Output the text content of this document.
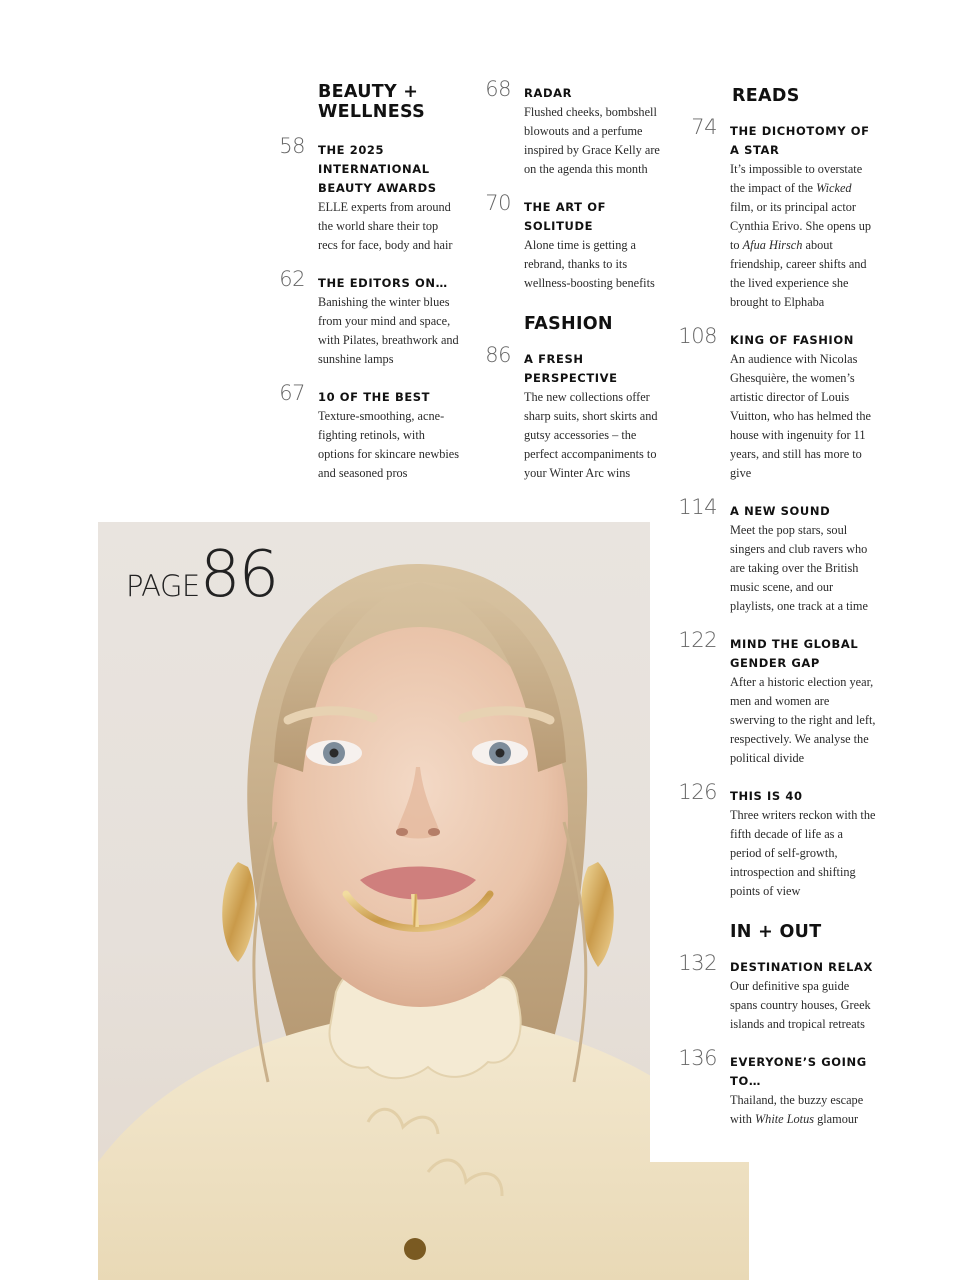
PAGE86
BEAUTY + WELLNESS
FASHION
READS
IN + OUT
58 THE 2025 INTERNATIONAL BEAUTY AWARDS
ELLE experts from around the world share their top recs for face, body and hair
62 THE EDITORS ON…
Banishing the winter blues from your mind and space, with Pilates, breathwork and sunshine lamps
67 10 OF THE BEST
Texture-smoothing, acne-fighting retinols, with options for skincare newbies and seasoned pros
68 RADAR
Flushed cheeks, bombshell blowouts and a perfume inspired by Grace Kelly are on the agenda this month
70 THE ART OF SOLITUDE
Alone time is getting a rebrand, thanks to its wellness-boosting benefits
86 A FRESH PERSPECTIVE
The new collections offer sharp suits, short skirts and gutsy accessories – the perfect accompaniments to your Winter Arc wins
74 THE DICHOTOMY OF A STAR
It’s impossible to overstate the impact of the Wicked film, or its principal actor Cynthia Erivo. She opens up to Afua Hirsch about friendship, career shifts and the lived experience she brought to Elphaba
108 KING OF FASHION
An audience with Nicolas Ghesquière, the women’s artistic director of Louis Vuitton, who has helmed the house with ingenuity for 11 years, and still has more to give
114 A NEW SOUND
Meet the pop stars, soul singers and club ravers who are taking over the British music scene, and our playlists, one track at a time
122 MIND THE GLOBAL GENDER GAP
After a historic election year, men and women are swerving to the right and left, respectively. We analyse the political divide
126 THIS IS 40
Three writers reckon with the fifth decade of life as a period of self-growth, introspection and shifting points of view
132 DESTINATION RELAX
Our definitive spa guide spans country houses, Greek islands and tropical retreats
136 EVERYONE’S GOING TO…
Thailand, the buzzy escape with White Lotus glamour
